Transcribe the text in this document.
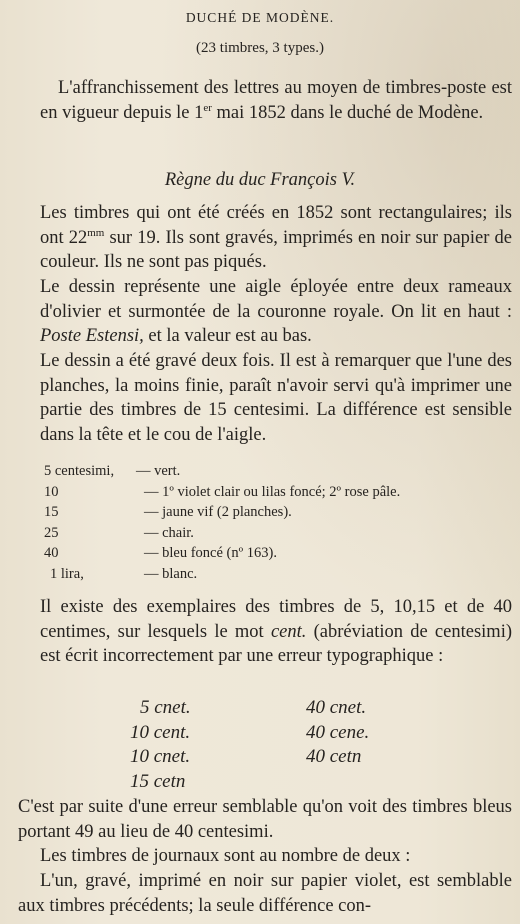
DUCHÉ DE MODÈNE.
(23 timbres, 3 types.)
L'affranchissement des lettres au moyen de timbres-poste est en vigueur depuis le 1er mai 1852 dans le duché de Modène.
Règne du duc François V.
Les timbres qui ont été créés en 1852 sont rectangulaires; ils ont $22^{mm}$ sur 19. Ils sont gravés, imprimés en noir sur papier de couleur. Ils ne sont pas piqués.
Le dessin représente une aigle éployée entre deux rameaux d'olivier et surmontée de la couronne royale. On lit en haut : Poste Estensi, et la valeur est au bas.
Le dessin a été gravé deux fois. Il est à remarquer que l'une des planches, la moins finie, paraît n'avoir servi qu'à imprimer une partie des timbres de 15 centesimi. La différence est sensible dans la tête et le cou de l'aigle.
5 centesimi, — vert.
10	— 1º violet clair ou lilas foncé; 2º rose pâle.
15	— jaune vif (2 planches).
25	— chair.
40	— bleu foncé (nº 163).
1 lira,	— blanc.
Il existe des exemplaires des timbres de 5, 10,15 et de 40 centimes, sur lesquels le mot cent. (abréviation de centesimi) est écrit incorrectement par une erreur typographique :
5 cnet.	40 cnet.
10 cent.	40 cene.
10 cnet.	40 cetn
15 cetn
C'est par suite d'une erreur semblable qu'on voit des timbres bleus portant 49 au lieu de 40 centesimi.
Les timbres de journaux sont au nombre de deux :
L'un, gravé, imprimé en noir sur papier violet, est semblable aux timbres précédents; la seule différence con-
